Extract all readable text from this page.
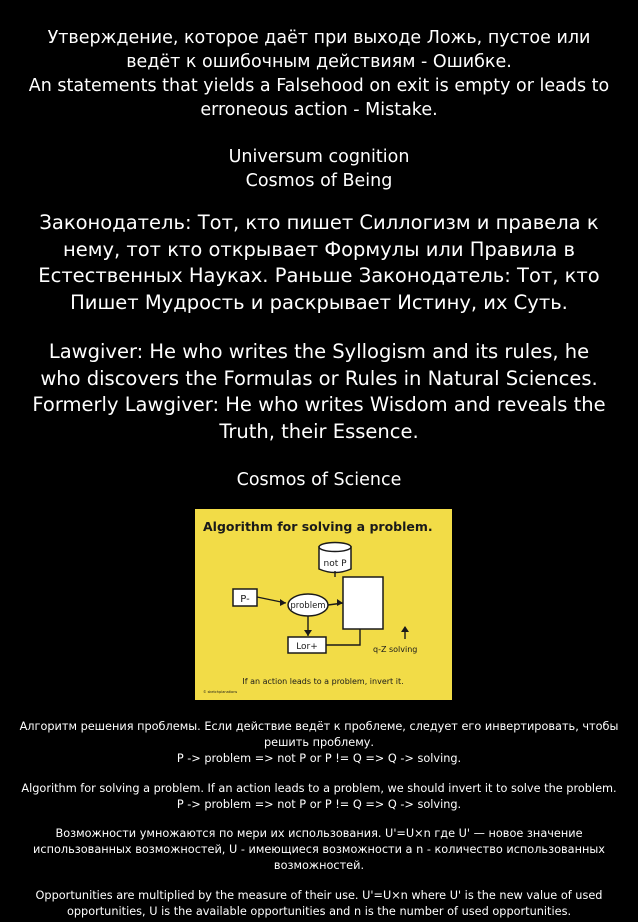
Утверждение, которое даёт при выходе Ложь, пустое или ведёт к ошибочным действиям - Ошибке.

An statements that yields a Falsehood on exit is empty or leads to erroneous action - Mistake.

Universum cognition

Cosmos of Being

Законодатель: Тот, кто пишет Силлогизм и правела к нему, тот кто открывает Формулы или Правила в Естественных Науках. Раньше Законодатель: Тот, кто Пишет Мудрость и раскрывает Истину, их Суть.

Lawgiver: He who writes the Syllogism and its rules, he who discovers the Formulas or Rules in Natural Sciences. Formerly Lawgiver: He who writes Wisdom and reveals the Truth, their Essence.

Cosmos of Science

Algorithm for solving a problem.
not P
P-
problem
Lor+	q-Z solving
If an action leads to a problem, invert it.
© sketchplanations

Алгоритм решения проблемы. Если действие ведёт к проблеме, следует его инвертировать, чтобы решить проблему.

P -> problem => not P or P != Q => Q -> solving.

Algorithm for solving a problem. If an action leads to a problem, we should invert it to solve the problem.

P -> problem => not P or P != Q => Q -> solving.

Возможности умножаются по мери их использования. U'=U×n где U' — новое значение использованных возможностей, U - имеющиеся возможности а n - количество использованных возможностей.

Opportunities are multiplied by the measure of their use. U'=U×n where U' is the new value of used opportunities, U is the available opportunities and n is the number of used opportunities.
